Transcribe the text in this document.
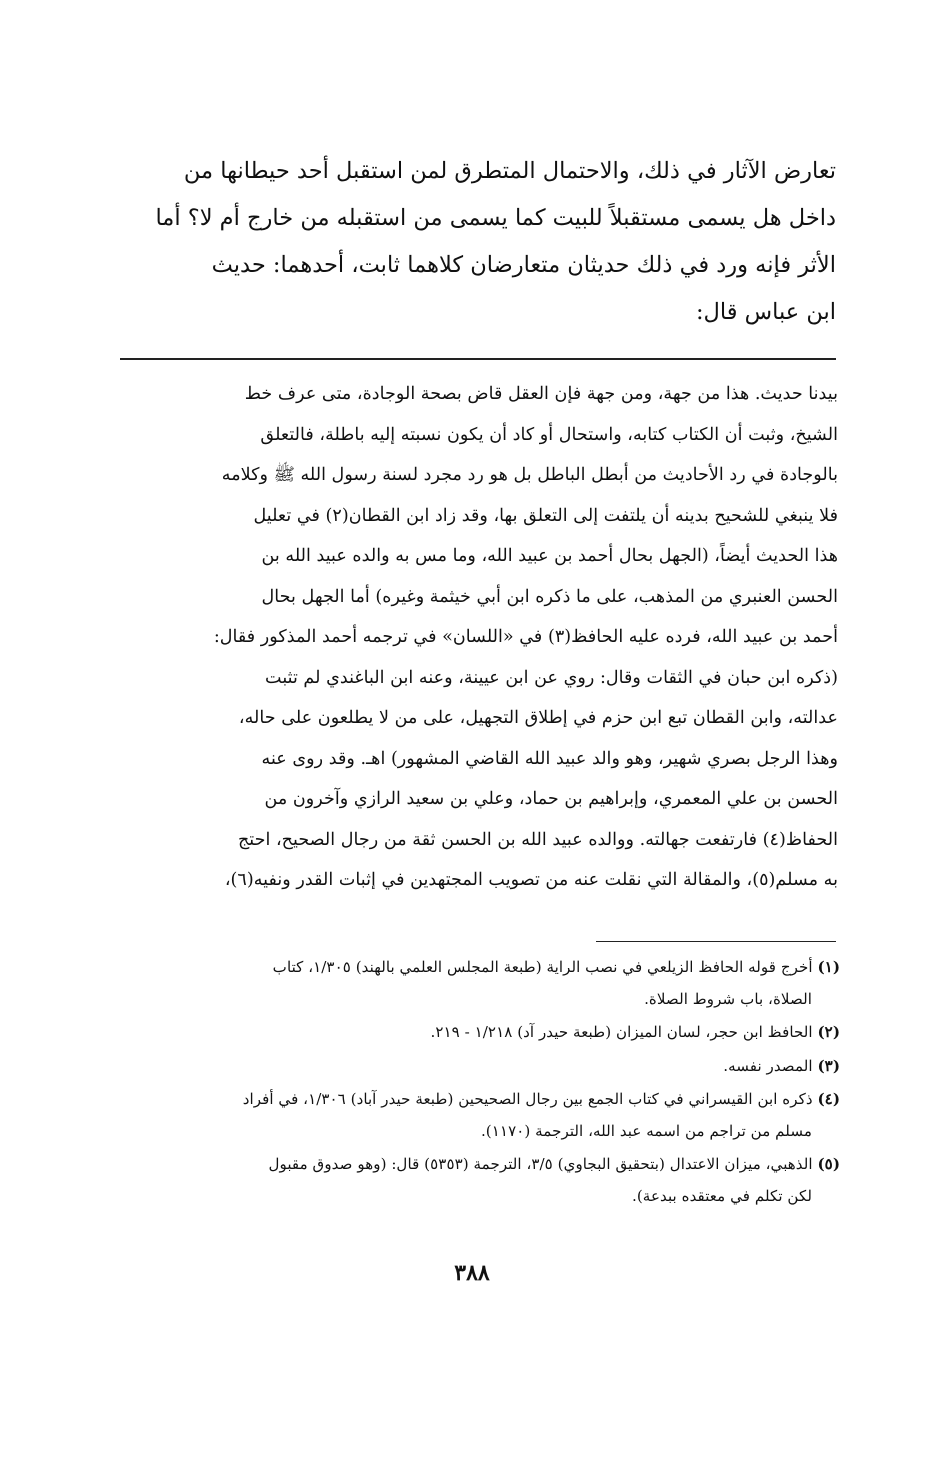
تعارض الآثار في ذلك، والاحتمال المتطرق لمن استقبل أحد حيطانها من

داخل هل يسمى مستقبلاً للبيت كما يسمى من استقبله من خارج أم لا؟ أما

الأثر فإنه ورد في ذلك حديثان متعارضان كلاهما ثابت، أحدهما: حديث

ابن عباس قال:

بيدنا حديث. هذا من جهة، ومن جهة فإن العقل قاض بصحة الوجادة، متى عرف خط

الشيخ، وثبت أن الكتاب كتابه، واستحال أو كاد أن يكون نسبته إليه باطلة، فالتعلق

بالوجادة في رد الأحاديث من أبطل الباطل بل هو رد مجرد لسنة رسول الله ﷺ وكلامه

فلا ينبغي للشحيح بدينه أن يلتفت إلى التعلق بها، وقد زاد ابن القطان(٢) في تعليل

هذا الحديث أيضاً، (الجهل بحال أحمد بن عبيد الله، وما مس به والده عبيد الله بن

الحسن العنبري من المذهب، على ما ذكره ابن أبي خيثمة وغيره) أما الجهل بحال

أحمد بن عبيد الله، فرده عليه الحافظ(٣) في «اللسان» في ترجمه أحمد المذكور فقال:

(ذكره ابن حبان في الثقات وقال: روي عن ابن عيينة، وعنه ابن الباغندي لم تثبت

عدالته، وابن القطان تبع ابن حزم في إطلاق التجهيل، على من لا يطلعون على حاله،

وهذا الرجل بصري شهير، وهو والد عبيد الله القاضي المشهور) اهـ. وقد روى عنه

الحسن بن علي المعمري، وإبراهيم بن حماد، وعلي بن سعيد الرازي وآخرون من

الحفاظ(٤) فارتفعت جهالته. ووالده عبيد الله بن الحسن ثقة من رجال الصحيح، احتج

به مسلم(٥)، والمقالة التي نقلت عنه من تصويب المجتهدين في إثبات القدر ونفيه(٦)،

(١) أخرج قوله الحافظ الزيلعي في نصب الراية (طبعة المجلس العلمي بالهند) ١/٣٠٥، كتاب
الصلاة، باب شروط الصلاة.
(٢) الحافظ ابن حجر، لسان الميزان (طبعة حيدر آد) ١/٢١٨ - ٢١٩.
(٣) المصدر نفسه.
(٤) ذكره ابن القيسراني في كتاب الجمع بين رجال الصحيحين (طبعة حيدر آباد) ١/٣٠٦، في أفراد
مسلم من تراجم من اسمه عبد الله، الترجمة (١١٧٠).
(٥) الذهبي، ميزان الاعتدال (بتحقيق البجاوي) ٣/٥، الترجمة (٥٣٥٣) قال: (وهو صدوق مقبول
لكن تكلم في معتقده ببدعة).
٣٨٨
